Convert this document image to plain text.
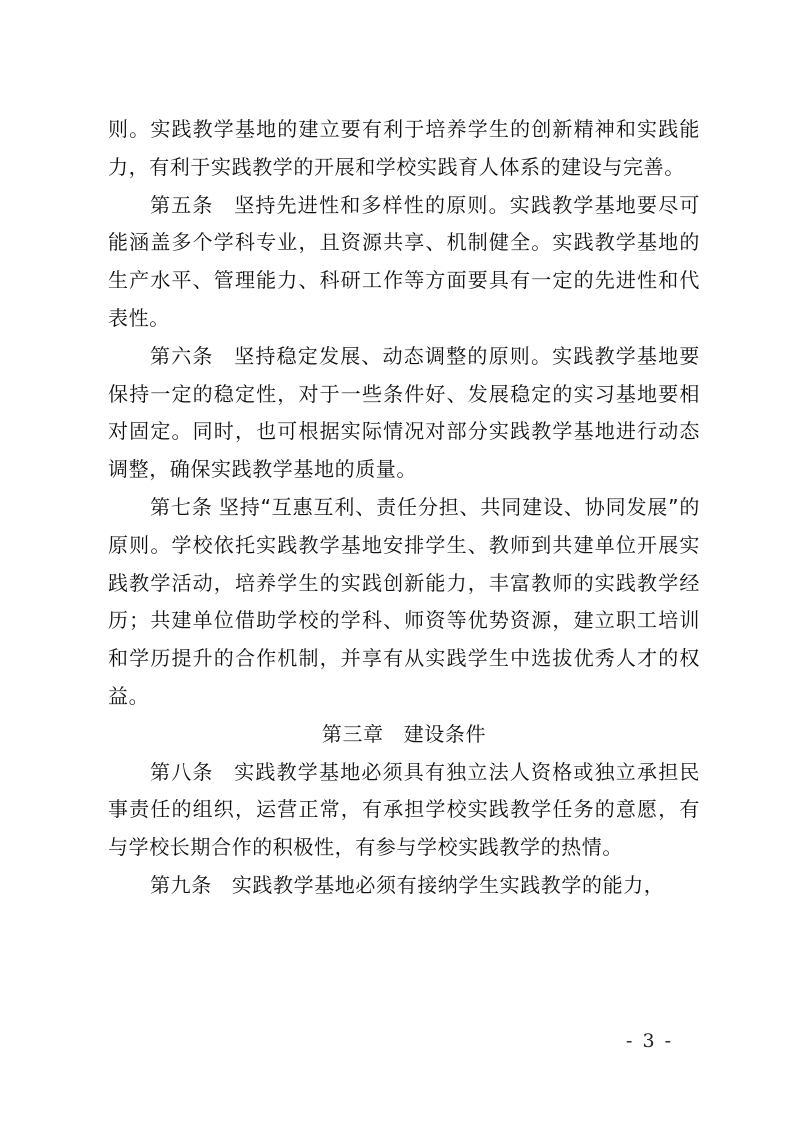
则。实践教学基地的建立要有利于培养学生的创新精神和实践能力，有利于实践教学的开展和学校实践育人体系的建设与完善。

第五条 坚持先进性和多样性的原则。实践教学基地要尽可能涵盖多个学科专业，且资源共享、机制健全。实践教学基地的生产水平、管理能力、科研工作等方面要具有一定的先进性和代表性。

第六条 坚持稳定发展、动态调整的原则。实践教学基地要保持一定的稳定性，对于一些条件好、发展稳定的实习基地要相对固定。同时，也可根据实际情况对部分实践教学基地进行动态调整，确保实践教学基地的质量。

第七条 坚持“互惠互利、责任分担、共同建设、协同发展”的原则。学校依托实践教学基地安排学生、教师到共建单位开展实践教学活动，培养学生的实践创新能力，丰富教师的实践教学经历；共建单位借助学校的学科、师资等优势资源，建立职工培训和学历提升的合作机制，并享有从实践学生中选拔优秀人才的权益。

第三章 建设条件

第八条 实践教学基地必须具有独立法人资格或独立承担民事责任的组织，运营正常，有承担学校实践教学任务的意愿，有与学校长期合作的积极性，有参与学校实践教学的热情。

第九条 实践教学基地必须有接纳学生实践教学的能力，

- 3 -
